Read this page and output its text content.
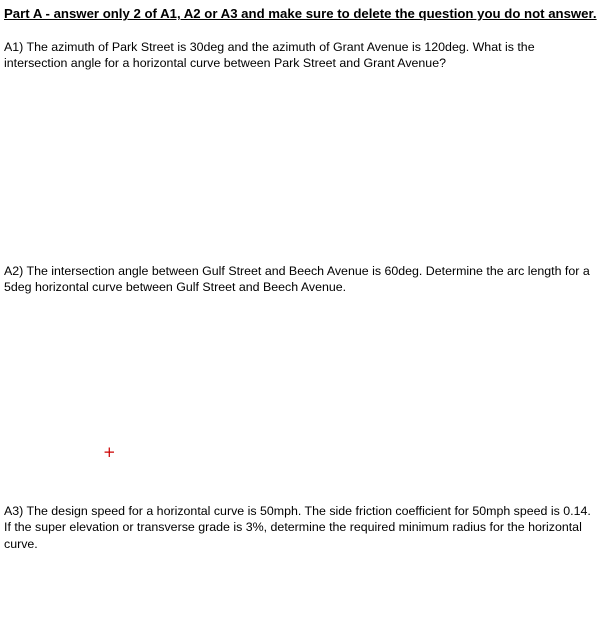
Part A - answer only 2 of A1, A2 or A3 and make sure to delete the question you do not answer.
A1) The azimuth of Park Street is 30deg and the azimuth of Grant Avenue is 120deg. What is the intersection angle for a horizontal curve between Park Street and Grant Avenue?
A2) The intersection angle between Gulf Street and Beech Avenue is 60deg. Determine the arc length for a 5deg horizontal curve between Gulf Street and Beech Avenue.
+
A3) The design speed for a horizontal curve is 50mph. The side friction coefficient for 50mph speed is 0.14. If the super elevation or transverse grade is 3%, determine the required minimum radius for the horizontal curve.
